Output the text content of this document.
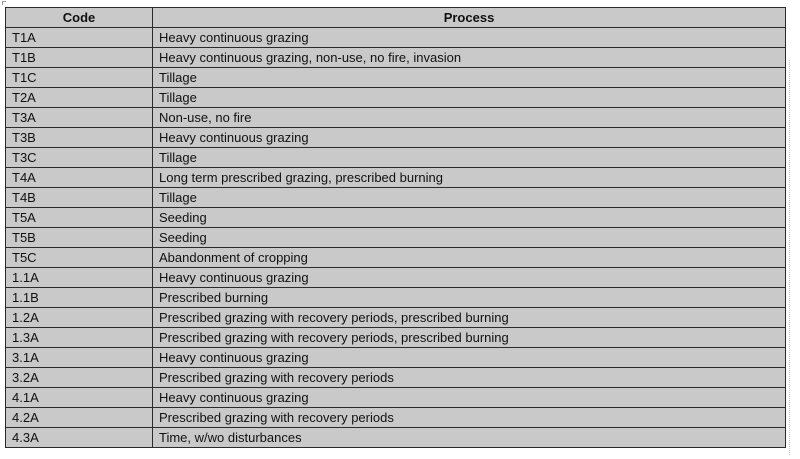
Code	Process
T1A	Heavy continuous grazing
T1B	Heavy continuous grazing, non-use, no fire, invasion
T1C	Tillage
T2A	Tillage
T3A	Non-use, no fire
T3B	Heavy continuous grazing
T3C	Tillage
T4A	Long term prescribed grazing, prescribed burning
T4B	Tillage
T5A	Seeding
T5B	Seeding
T5C	Abandonment of cropping
1.1A	Heavy continuous grazing
1.1B	Prescribed burning
1.2A	Prescribed grazing with recovery periods, prescribed burning
1.3A	Prescribed grazing with recovery periods, prescribed burning
3.1A	Heavy continuous grazing
3.2A	Prescribed grazing with recovery periods
4.1A	Heavy continuous grazing
4.2A	Prescribed grazing with recovery periods
4.3A	Time, w/wo disturbances
